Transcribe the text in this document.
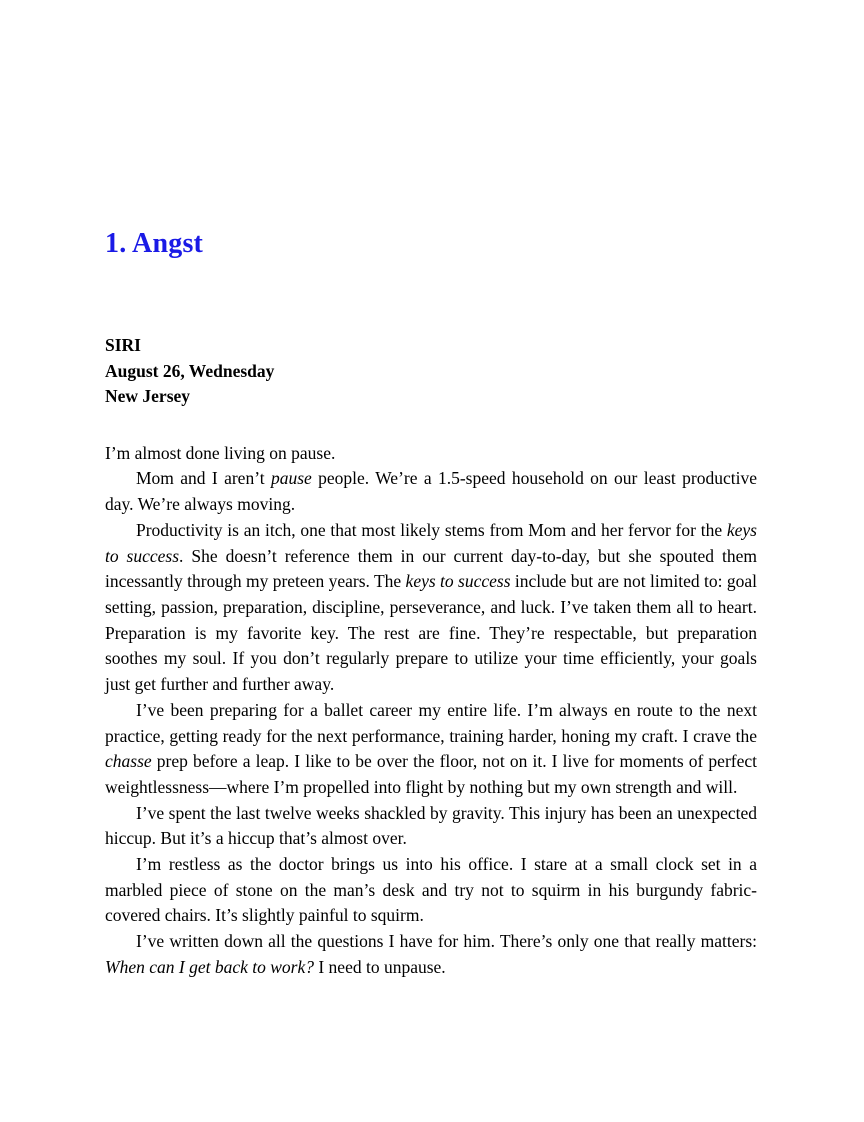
1. Angst
SIRI
August 26, Wednesday
New Jersey

I’m almost done living on pause.

Mom and I aren’t pause people. We’re a 1.5-speed household on our least productive day. We’re always moving.

Productivity is an itch, one that most likely stems from Mom and her fervor for the keys to success. She doesn’t reference them in our current day-to-day, but she spouted them incessantly through my preteen years. The keys to success include but are not limited to: goal setting, passion, preparation, discipline, perseverance, and luck. I’ve taken them all to heart. Preparation is my favorite key. The rest are fine. They’re respectable, but preparation soothes my soul. If you don’t regularly prepare to utilize your time efficiently, your goals just get further and further away.

I’ve been preparing for a ballet career my entire life. I’m always en route to the next practice, getting ready for the next performance, training harder, honing my craft. I crave the chasse prep before a leap. I like to be over the floor, not on it. I live for moments of perfect weightlessness—where I’m propelled into flight by nothing but my own strength and will.

I’ve spent the last twelve weeks shackled by gravity. This injury has been an unexpected hiccup. But it’s a hiccup that’s almost over.

I’m restless as the doctor brings us into his office. I stare at a small clock set in a marbled piece of stone on the man’s desk and try not to squirm in his burgundy fabric-covered chairs. It’s slightly painful to squirm.

I’ve written down all the questions I have for him. There’s only one that really matters: When can I get back to work? I need to unpause.
